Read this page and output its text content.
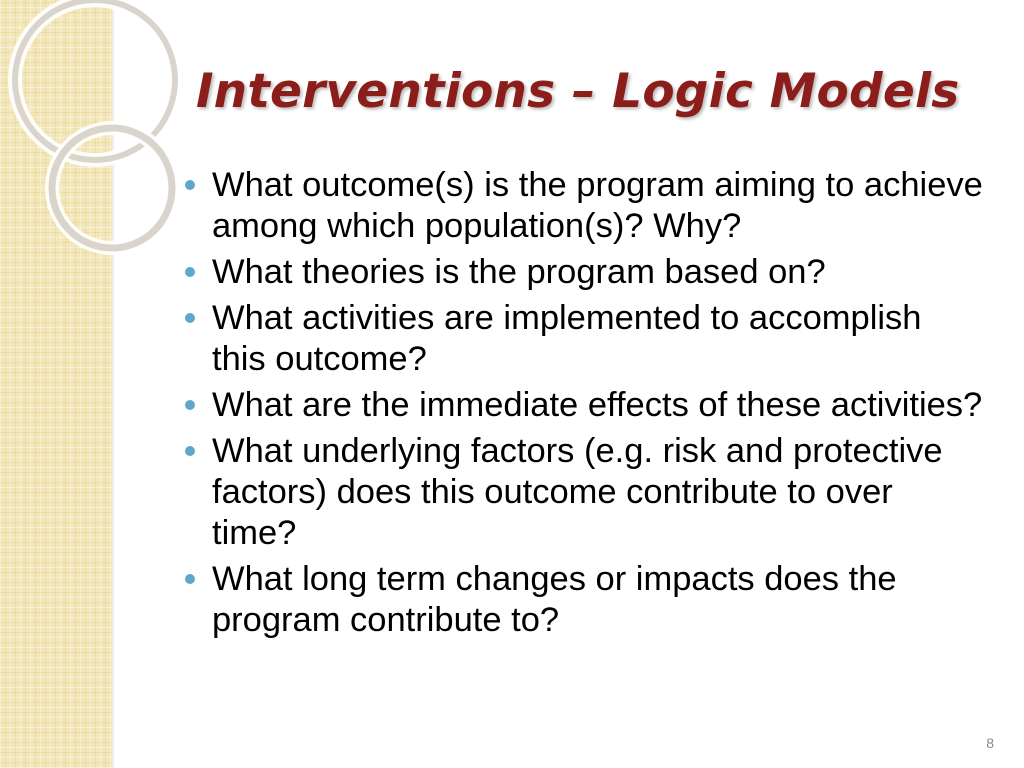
Interventions – Logic Models
What outcome(s) is the program aiming to achieve among which population(s)? Why?
What theories is the program based on?
What activities are implemented to accomplish this outcome?
What are the immediate effects of these activities?
What underlying factors (e.g. risk and protective factors) does this outcome contribute to over time?
What long term changes or impacts does the program contribute to?
8
